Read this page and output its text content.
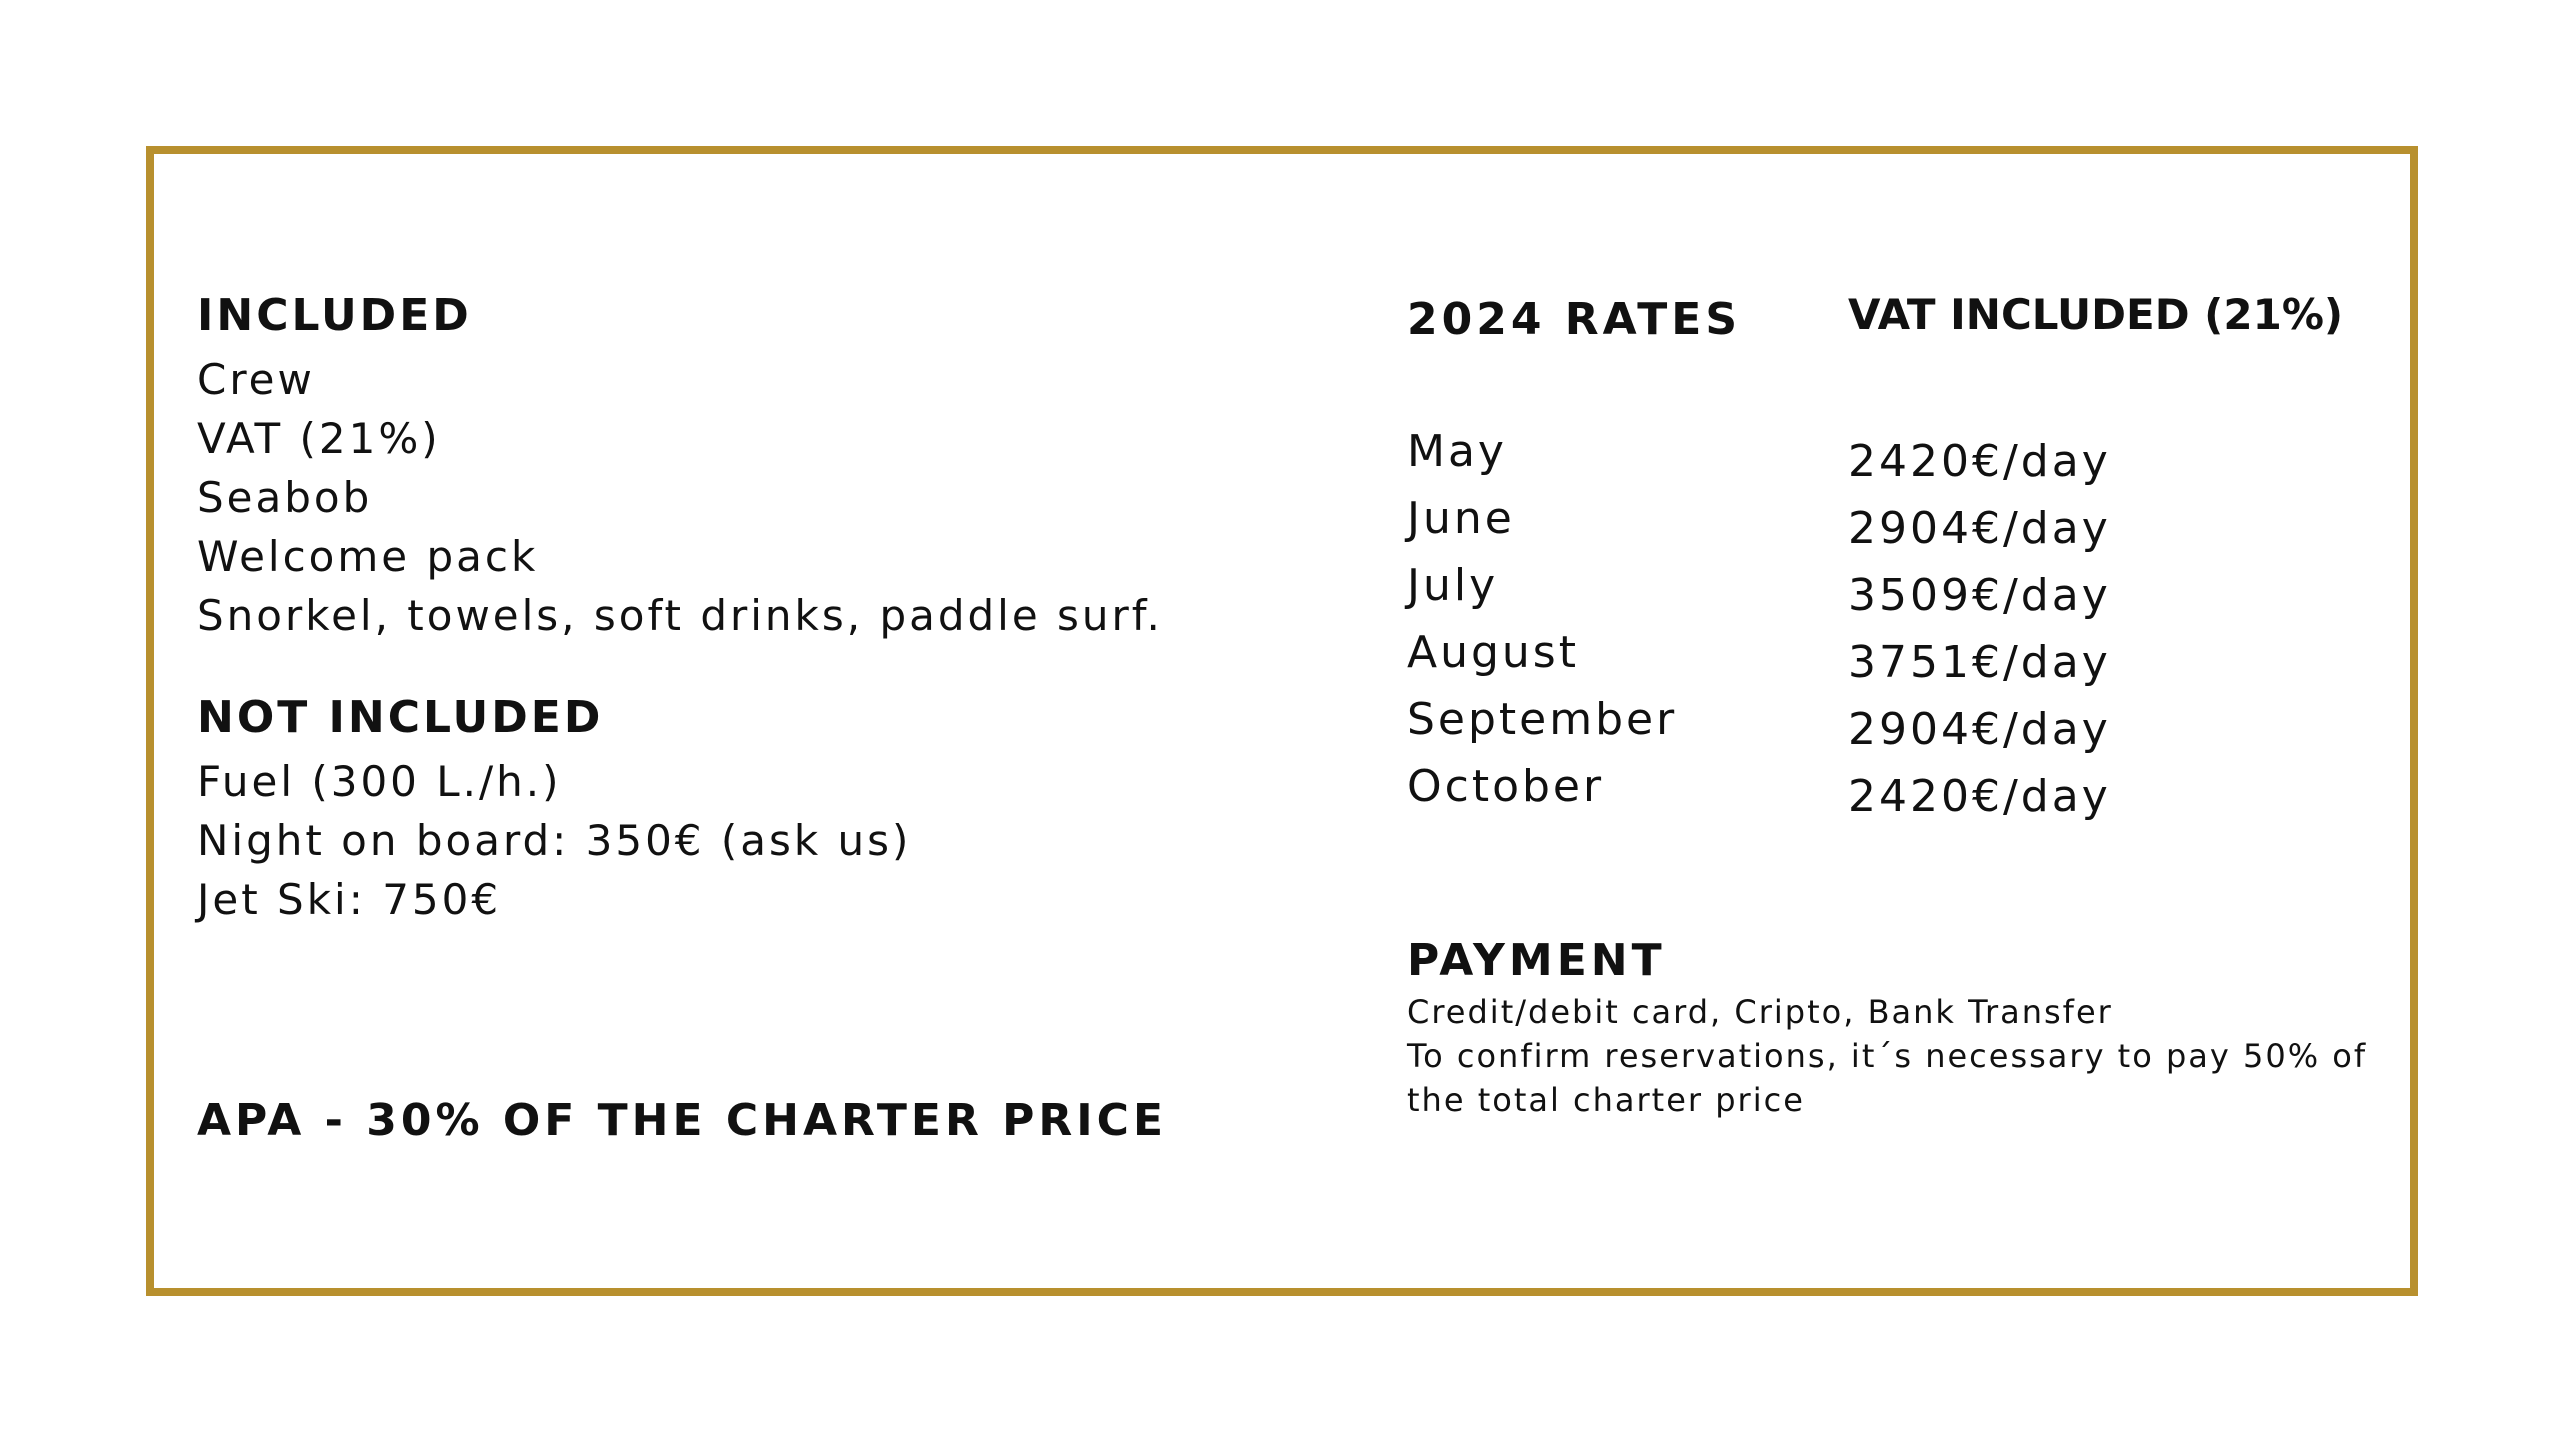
INCLUDED
Crew
VAT (21%)
Seabob
Welcome pack
Snorkel, towels, soft drinks, paddle surf.
NOT INCLUDED
Fuel (300 L./h.)
Night on board: 350€ (ask us)
Jet Ski: 750€
APA - 30% OF THE CHARTER PRICE
2024 RATES	VAT INCLUDED (21%)
May	2420€/day
June	2904€/day
July	3509€/day
August	3751€/day
September	2904€/day
October	2420€/day
PAYMENT

Credit/debit card, Cripto, Bank Transfer

To confirm reservations, it´s necessary to pay 50% of the total charter price
